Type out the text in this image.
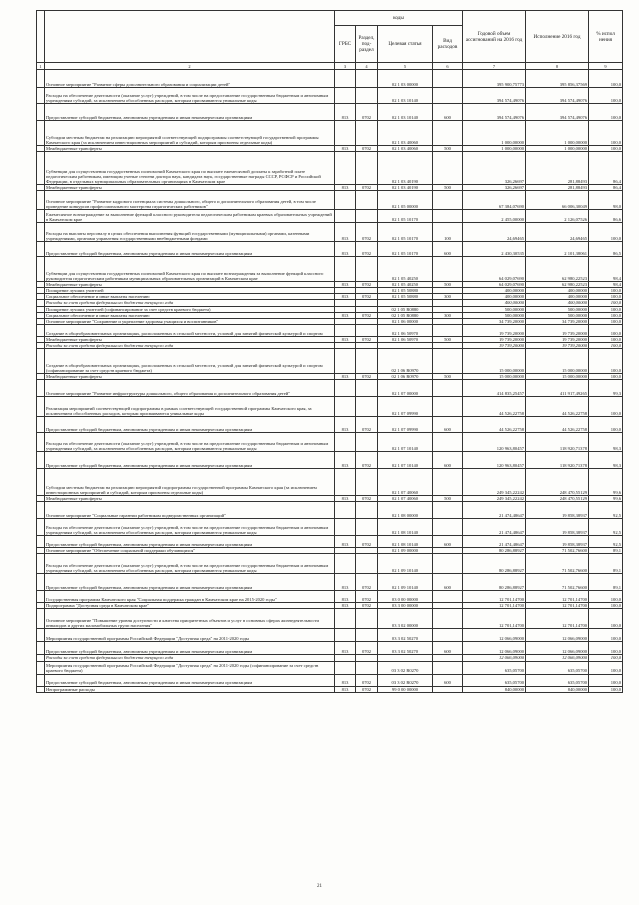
		коды				Годовой объем ассигнований на 2016 год	Исполнение 2016 год	% испол нения
		ГРБС	Раздел, под-раздел	Целевая статья	Вид расходов			
1	2	3	4	5	6	7	8	9
	Основное мероприятие "Развитие сферы дополнительного образования и социализации детей"			02 1 03 00000		395 900,75773	395 856,37569	100,0
	Расходы на обеспечение деятельности (оказание услуг) учреждений, в том числе на предоставление государственным бюджетным и автономным учреждениям субсидий, за исключением обособленных расходов, которым присваиваются уникальные коды			02 1 03 10140		394 574,49076	394 574,49076	100,0
	Предоставление субсидий бюджетным, автономным учреждениям и иным некоммерческим организациям	813	0702	02 1 03 10140	600	394 574,49076	394 574,49076	100,0
	Субсидии местным бюджетам на реализацию мероприятий соответствующей подпрограммы соответствующей государственной программы Камчатского края (за исключением инвестиционных мероприятий и субсидий, которым присвоены отдельные коды)			02 1 03 40060		1 000,00000	1 000,00000	100,0
	Межбюджетные трансферты	813	0702	02 1 03 40060	500	1 000,00000	1 000,00000	100,0
	Субвенции для осуществления государственных полномочий Камчатского края по выплате ежемесячной доплаты к заработной плате педагогическим работникам, имеющим ученые степени доктора наук, кандидата наук, государственные награды СССР, РСФСР и Российской Федерации, в отдельных муниципальных образовательных организациях в Камчатском крае			02 1 03 40190		326,26697	281,88493	86,4
	Межбюджетные трансферты	813	0702	02 1 03 40190	500	326,26697	281,88493	86,4
	Основное мероприятие "Развитие кадрового потенциала системы дошкольного, общего и дополнительного образования детей, в том числе проведение конкурсов профессионального мастерства педагогических работников"			02 1 05 00000		67 384,07690	66 006,30049	98,0
	Ежемесячное вознаграждение за выполнение функций классного руководителя педагогическим работникам краевых образовательных учреждений в Камчатском крае			02 1 05 10170		2 455,00000	2 126,07526	86,6
	Расходы на выплаты персоналу в целях обеспечения выполнения функций государственными (муниципальными) органами, казенными учреждениями, органами управления государственными внебюджетными фондами	813	0702	02 1 05 10170	100	24,69465	24,69465	100,0
	Предоставление субсидий бюджетным, автономным учреждениям и иным некоммерческим организациям	813	0702	02 1 05 10170	600	2 430,30535	2 101,38061	86,5
	Субвенции для осуществления государственных полномочий Камчатского края по выплате вознаграждения за выполнение функций классного руководителя педагогическим работникам муниципальных образовательных организаций в Камчатском крае			02 1 05 40250		64 029,07690	62 980,22523	98,4
	Межбюджетные трансферты	813	0702	02 1 05 40250	500	64 029,07690	62 980,22523	98,4
	Поощрение лучших учителей			02 1 05 50880		400,00000	400,00000	100,0
	Социальное обеспечение и иные выплаты населению	813	0702	02 1 05 50880	300	400,00000	400,00000	100,0
	Расходы за счет средств федерального бюджета текущего года					400,00000	400,00000	100,0
	Поощрение лучших учителей (софинансирование за счет средств краевого бюджета)			02 1 05 R0880		500,00000	500,00000	100,0
	Социальное обеспечение и иные выплаты населению	813	0702	02 1 05 R0880	300	500,00000	500,00000	100,0
	Основное мероприятие "Сохранение и укрепление здоровья учащихся и воспитанников"			02 1 06 00000		34 739,20000	34 739,20000	100,0
	Создание в общеобразовательных организациях, расположенных в сельской местности, условий для занятий физической культурой и спортом			02 1 06 50970		19 739,20000	19 739,20000	100,0
	Межбюджетные трансферты	813	0702	02 1 06 50970	500	19 739,20000	19 739,20000	100,0
	Расходы за счет средств федерального бюджета текущего года					19 739,20000	19 739,20000	100,0
	Создание в общеобразовательных организациях, расположенных в сельской местности, условий для занятий физической культурой и спортом (софинансирование за счет средств краевого бюджета)			02 1 06 R0970		15 000,00000	15 000,00000	100,0
	Межбюджетные трансферты	813	0702	02 1 06 R0970	500	15 000,00000	15 000,00000	100,0
	Основное мероприятие "Развитие инфраструктуры дошкольного, общего образования и дополнительного образования детей"			02 1 07 00000		414 835,25457	411 917,49265	99,3
	Реализация мероприятий соответствующей подпрограммы в рамках соответствующей государственной программы Камчатского края, за исключением обособленных расходов, которым присваиваются уникальные коды			02 1 07 09990		44 526,22758	44 526,22758	100,0
	Предоставление субсидий бюджетным, автономным учреждениям и иным некоммерческим организациям	813	0702	02 1 07 09990	600	44 526,22758	44 526,22758	100,0
	Расходы на обеспечение деятельности (оказание услуг) учреждений, в том числе на предоставление государственным бюджетным и автономным учреждениям субсидий, за исключением обособленных расходов, которым присваиваются уникальные коды			02 1 07 10140		120 963,80457	118 920,71378	98,3
	Предоставление субсидий бюджетным, автономным учреждениям и иным некоммерческим организациям	813	0702	02 1 07 10140	600	120 963,80457	118 920,71378	98,3
	Субсидии местным бюджетам на реализацию мероприятий подпрограммы государственной программы Камчатского края (за исключением инвестиционных мероприятий и субсидий, которым присвоены отдельные коды)			02 1 07 40060		249 345,22242	248 470,55129	99,6
	Межбюджетные трансферты	813	0702	02 1 07 40060	500	249 345,22242	248 470,55129	99,6
	Основное мероприятие "Социальные гарантии работникам подведомственных организаций"			02 1 08 00000		21 474,48647	19 858,38937	92,5
	Расходы на обеспечение деятельности (оказание услуг) учреждений, в том числе на предоставление государственным бюджетным и автономным учреждениям субсидий, за исключением обособленных расходов, которым присваиваются уникальные коды			02 1 08 10140		21 474,48647	19 858,38937	92,5
	Предоставление субсидий бюджетным, автономным учреждениям и иным некоммерческим организациям	813	0702	02 1 08 10140	600	21 474,48647	19 858,38937	92,5
	Основное мероприятие "Обеспечение социальной поддержки обучающихся"			02 1 09 00000		80 286,88927	71 502,76600	89,1
	Расходы на обеспечение деятельности (оказание услуг) учреждений, в том числе на предоставление государственным бюджетным и автономным учреждениям субсидий, за исключением обособленных расходов, которым присваиваются уникальные коды			02 1 09 10140		80 286,88927	71 502,76600	89,1
	Предоставление субсидий бюджетным, автономным учреждениям и иным некоммерческим организациям	813	0702	02 1 09 10140	600	80 286,88927	71 502,76600	89,1
	Государственная программа Камчатского края "Социальная поддержка граждан в Камчатском крае на 2015-2020 годы"	813	0702	03 0 00 00000		12 701,14700	12 701,14700	100,0
	Подпрограмма "Доступная среда в Камчатском крае"	813	0702	03 3 00 00000		12 701,14700	12 701,14700	100,0
	Основное мероприятие "Повышение уровня доступности и качества приоритетных объектов и услуг в основных сферах жизнедеятельности инвалидов и других маломобильных групп населения"			03 3 02 00000		12 701,14700	12 701,14700	100,0
	Мероприятия государственной программы Российской Федерации "Доступная среда" на 2011-2020 годы			03 3 02 50270		12 066,09000	12 066,09000	100,0
	Предоставление субсидий бюджетным, автономным учреждениям и иным некоммерческим организациям	813	0702	03 3 02 50270	600	12 066,09000	12 066,09000	100,0
	Расходы за счет средств федерального бюджета текущего года					12 066,09000	12 066,09000	100,0
	Мероприятия государственной программы Российской Федерации "Доступная среда" на 2011-2020 годы (софинансирование за счет средств краевого бюджета)			03 3 02 R0270		635,05700	635,05700	100,0
	Предоставление субсидий бюджетным, автономным учреждениям и иным некоммерческим организациям	813	0702	03 3 02 R0270	600	635,05700	635,05700	100,0
	Непрограммные расходы	813	0702	99 0 00 00000		840,00000	840,00000	100,0
21
